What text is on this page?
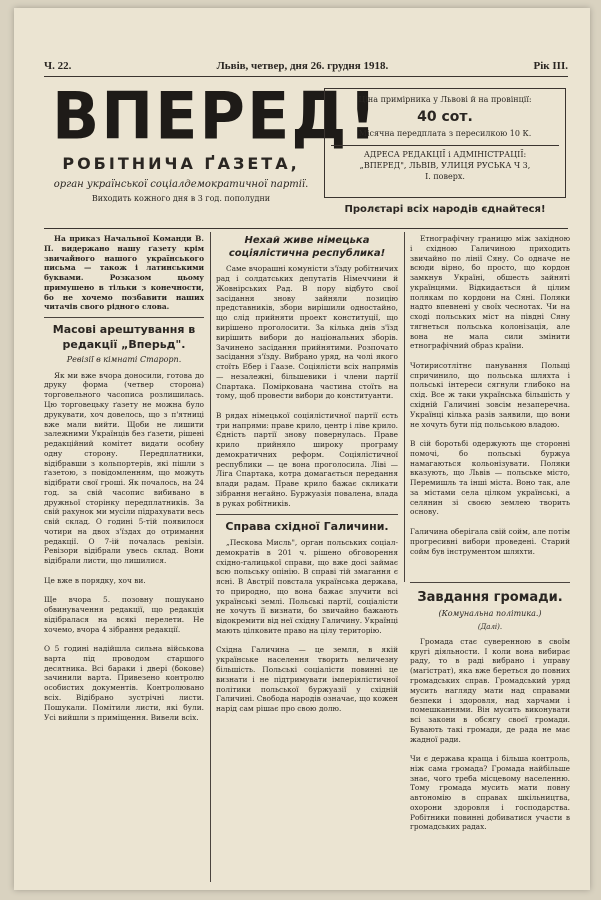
Ч. 22.	Львів, четвер, дня 26. грудня 1918.	Рік III.
ВПЕРЕД!
РОБІТНИЧА ҐАЗЕТА,
орган української соціалдемократичної партії.
Виходить кожного дня в 3 год. пополудни
Ціна примірника у Львові й на провінції:
40 сот.
Місячна передплата з пересилкою 10 К.
АДРЕСА РЕДАКЦІЇ і АДМІНІСТРАЦІЇ:
„ВПЕРЕД", ЛЬВІВ, УЛИЦЯ РУСЬКА Ч 3,
I. поверх.
Пролєтарі всіх народів єднайтеся!

На приказ Начальної Команди В. П. видержано нашу ґазету крім звичайного нашого українського письма — також і латинськими буквами. Розказом цьому примушено в тільки з конечности, бо не хочемо позбавити наших читачів свого рідного слова.

Масові арештування в редакції „Вперьд".
Ревізії в кімнаті Старорп.

Як ми вже вчора доносили, готова до друку форма (четвер сторона) торговельного часописа розлишилась. Цю торговецьку ґазету не можна було друкувати, хоч довелось, що з п'ятниці вже мали вийти. Щоби не лишити залежними Українців без ґазети, рішені редакційний комітет видати особну одну сторону. Передплатники, відібравши з кольпортерів, які пішли з ґазетою, з повідомленням, що можуть відібрати свої гроші. Як почалось, на 24 год. за свій часопис вибивано в дружньої сторінку передплатників. За свій рахунок ми мусіли підрахувати весь свій склад. О годині 5-тій появилося чотири на двох з'їздах до отримання редакції. О 7-ій почалась ревізія. Ревізори відібрали увесь склад. Вони відібрали листи, що лишилися.

Це вже в порядку, хоч ви.

Ще вчора 5. позовну пошукано обвинувачення редакції, що редакція відібралася на всякі перелети. Не хочемо, вчора 4 зібрання редакції.

О 5 годині надійшла сильна військова варта під проводом старшого десятника. Всі бараки і двері (бокове) зачинили варта. Привезено контролю особистих документів. Контролювано всіх. Відібрано зустрічні листи. Пошукали. Помітили листи, які були. Усі вийшли з приміщення. Вивели всіх.

Нехай живе німецька соціялістична республика!

Саме вчорашні комуністи з'їзду робітничих рад і солдатських депутатів Німеччини й Жовнірських Рад. В пору відбуто свої засідання знову зайняли позицію представників, збори вирішили одностайно, що слід прийняти проект конституції, що вирішено проголосити. За кілька днів з'їзд вирішить вибори до національних зборів. Зачинено засідання прийнятими. Розпочато засідання з'їзду. Вибрано уряд, на чолі якого стоїть Ебер і Гаазе. Соціялісти всіх напрямів — незалежні, більшевики і члени партії Спартака. Поміркована частина стоїть на тому, щоб провести вибори до конституанти.

В рядах німецької соціялістичної партії єсть три напрями: праве крило, центр і ліве крило. Єдність партії знову повернулась. Праве крило прийняло широку програму демократичних реформ. Соціялістичної республики — це вона проголосила. Ліві — Ліга Спартака, котра домагається передання влади радам. Праве крило бажає скликати зібрання негайно. Буржуазія повалена, влада в руках робітників.

Справа східної Галичини.

„Пескова Мисль", орган польських соціал-демократів в 201 ч. рішено обговорення східно-галицької справи, що вже досі займає всю польську опінію. В справі тій змагання є ясні. В Австрії повстала українська держава, то природно, що вона бажає злучити всі українські землі. Польські партії, соціалісти не хочуть її визнати, бо звичайно бажають відокремити від неї східну Галичину. Українці мають цілковите право на цілу територію.

Східна Галичина — це земля, в якій українське населення творить величезну більшість. Польські соціалісти повинні це визнати і не підтримувати імперіялістичної політики польської буржуазії у східній Галичині. Свобода народів означає, що кожен нарід сам рішає про свою долю.

Етнографічну границю між західною і східною Галичиною приходить звичайно по лінії Сяну. Со одначе не всюди вірно, бо просто, що кордон замкнув Україні, обшесть зайняті українцями. Відкидається й цілим полякам по кордони на Сяні. Поляки надто впевнені у своїх чеснотах. Чи на сході польських міст на півдні Сяну тягнеться польська колонізація, але вона не мала сили змінити етнографічний образ країни.

Чотирисотлітнє панування Польщі спричинило, що польська шляхта і польські інтереси сягнули глибоко на схід. Все ж таки українська більшість у східній Галичині зовсім незаперечна. Українці кілька разів заявили, що вони не хочуть бути під польською владою.

В сій боротьбі одержують ще сторонні помочі, бо польські буржуа намагаються кольонізувати. Поляки вказують, що Львів — польське місто, Перемишль та інші міста. Воно так, але за містами села цілком українські, а селянин зі своєю землею творить основу.

Галичина оберігала свій сойм, але потім прогресивні вибори проведені. Старий сойм був інструментом шляхти.

Завдання громади.
(Комунальна політика.)
(Далі).

Громада стає суверенною в своїм кругі діяльности. І коли вона вибирає раду, то в раді вибрано і управу (магістрат), яка вже береться до повних громадських справ. Громадський уряд мусить нагляду мати над справами безпеки і здоровля, над харчами і помешканнями. Він мусить виконувати всі закони в обсягу своєї громади. Бувають такі громади, де рада не має жадної ради.

Чи є держава краща і більша контроль, ніж сама громада? Громада найбільше знає, чого треба місцевому населенню. Тому громада мусить мати повну автономію в справах шкільництва, охорони здоровля і господарства. Робітники повинні добиватися участи в громадських радах.
